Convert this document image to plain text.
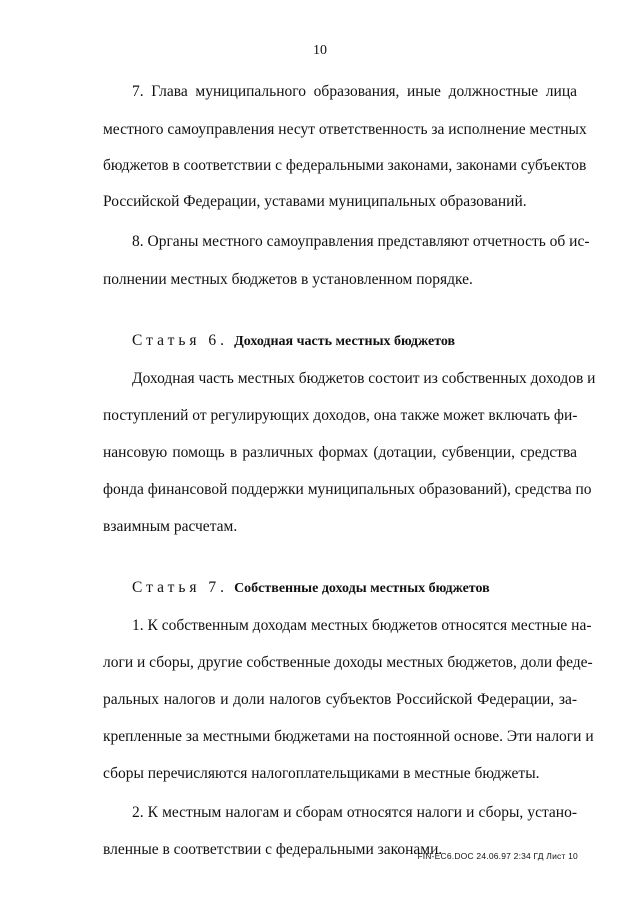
10
7. Глава муниципального образования, иные должностные лица
местного самоуправления несут ответственность за исполнение местных
бюджетов в соответствии с федеральными законами, законами субъектов
Российской Федерации, уставами муниципальных образований.
8. Органы местного самоуправления представляют отчетность об ис-
полнении местных бюджетов в установленном порядке.
Статья 6. Доходная часть местных бюджетов
Доходная часть местных бюджетов состоит из собственных доходов и
поступлений от регулирующих доходов, она также может включать фи-
нансовую помощь в различных формах (дотации, субвенции, средства
фонда финансовой поддержки муниципальных образований), средства по
взаимным расчетам.
Статья 7. Собственные доходы местных бюджетов
1. К собственным доходам местных бюджетов относятся местные на-
логи и сборы, другие собственные доходы местных бюджетов, доли феде-
ральных налогов и доли налогов субъектов Российской Федерации, за-
крепленные за местными бюджетами на постоянной основе. Эти налоги и
сборы перечисляются налогоплательщиками в местные бюджеты.
2. К местным налогам и сборам относятся налоги и сборы, устано-
вленные в соответствии с федеральными законами.
FIN-EC6.DOC 24.06.97 2:34 ГД Лист 10
